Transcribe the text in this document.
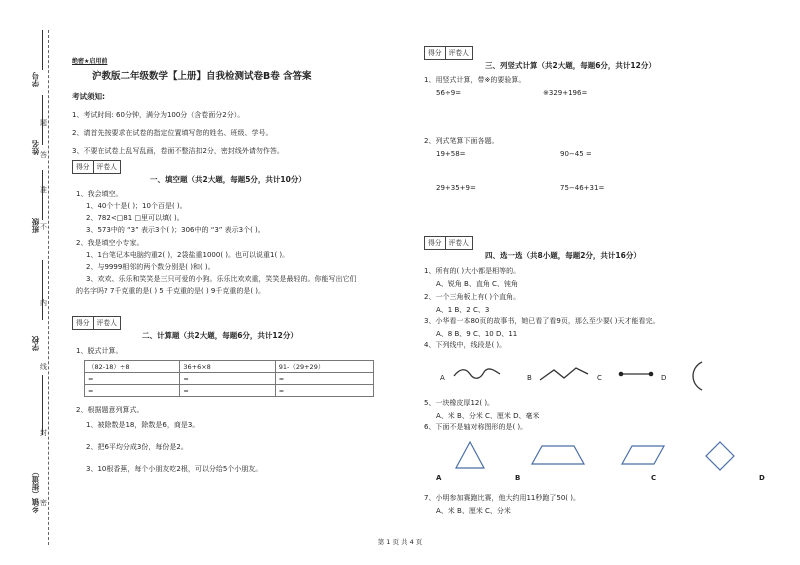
学号
姓名
班级
学校
乡镇（街道） 密
封
线
内
不
准
答
题
绝密★启用前
沪教版二年级数学【上册】自我检测试卷B卷 含答案
考试须知:
1、考试时间: 60分钟，满分为100分（含卷面分2分）。
2、请首先按要求在试卷的指定位置填写您的姓名、班级、学号。
3、不要在试卷上乱写乱画，卷面不整洁扣2分，密封线外请勿作答。
得分	评卷人
一、填空题（共2大题，每题5分，共计10分）
1、我会填空。
1、40个十是( )；10个百是( )。
2、782<□81 □里可以填( )。
3、573中的 “3” 表示3个( )；306中的 “3” 表示3个( )。
2、我是填空小专家。
1、1台笔记本电脑约重2( )，2袋盐重1000( )。也可以说重1( )。
2、与9999相邻的两个数分别是( )和( )。
3、欢欢、乐乐和笑笑是三只可爱的小狗。乐乐比欢欢重，笑笑是最轻的。你能写出它们
的名字吗? 7千克重的是( ) 5 千克重的是( ) 9千克重的是( )。
得分	评卷人
二、计算题（共2大题，每题6分，共计12分）
1、脱式计算。
（82-18）÷8	36+6×8	91-（29+29）
=	=	=
=	=	=
2、根据题意列算式。
1、被除数是18，除数是6，商是3。
2、把6平均分成3份，每份是2。
3、10根香蕉，每个小朋友吃2根，可以分给5个小朋友。
得分	评卷人
三、列竖式计算（共2大题，每题6分，共计12分）
1、用竖式计算，带※的要验算。
56÷9=	※329+196=
2、列式笔算下面各题。
19+58=	90−45 =
29+35+9=	75−46+31=
得分	评卷人
四、选一选（共8小题，每题2分，共计16分）
1、所有的( )大小都是相等的。
A、锐角 B、直角 C、钝角
2、一个三角板上有( )个直角。
A、1 B、2 C、3
3、小华看一本80页的故事书，她已看了看9页，那么至少要( )天才能看完。
A、8 B、9 C、10 D、11
4、下列线中，线段是( )。
A	B	C	D
5、一块橡皮厚12( )。
A、米 B、分米 C、厘米 D、毫米
6、下面不是轴对称图形的是( )。
A	B	C	D
7、小明参加赛跑比赛，他大约用11秒跑了50( )。
A、米 B、厘米 C、分米
第 1 页 共 4 页
